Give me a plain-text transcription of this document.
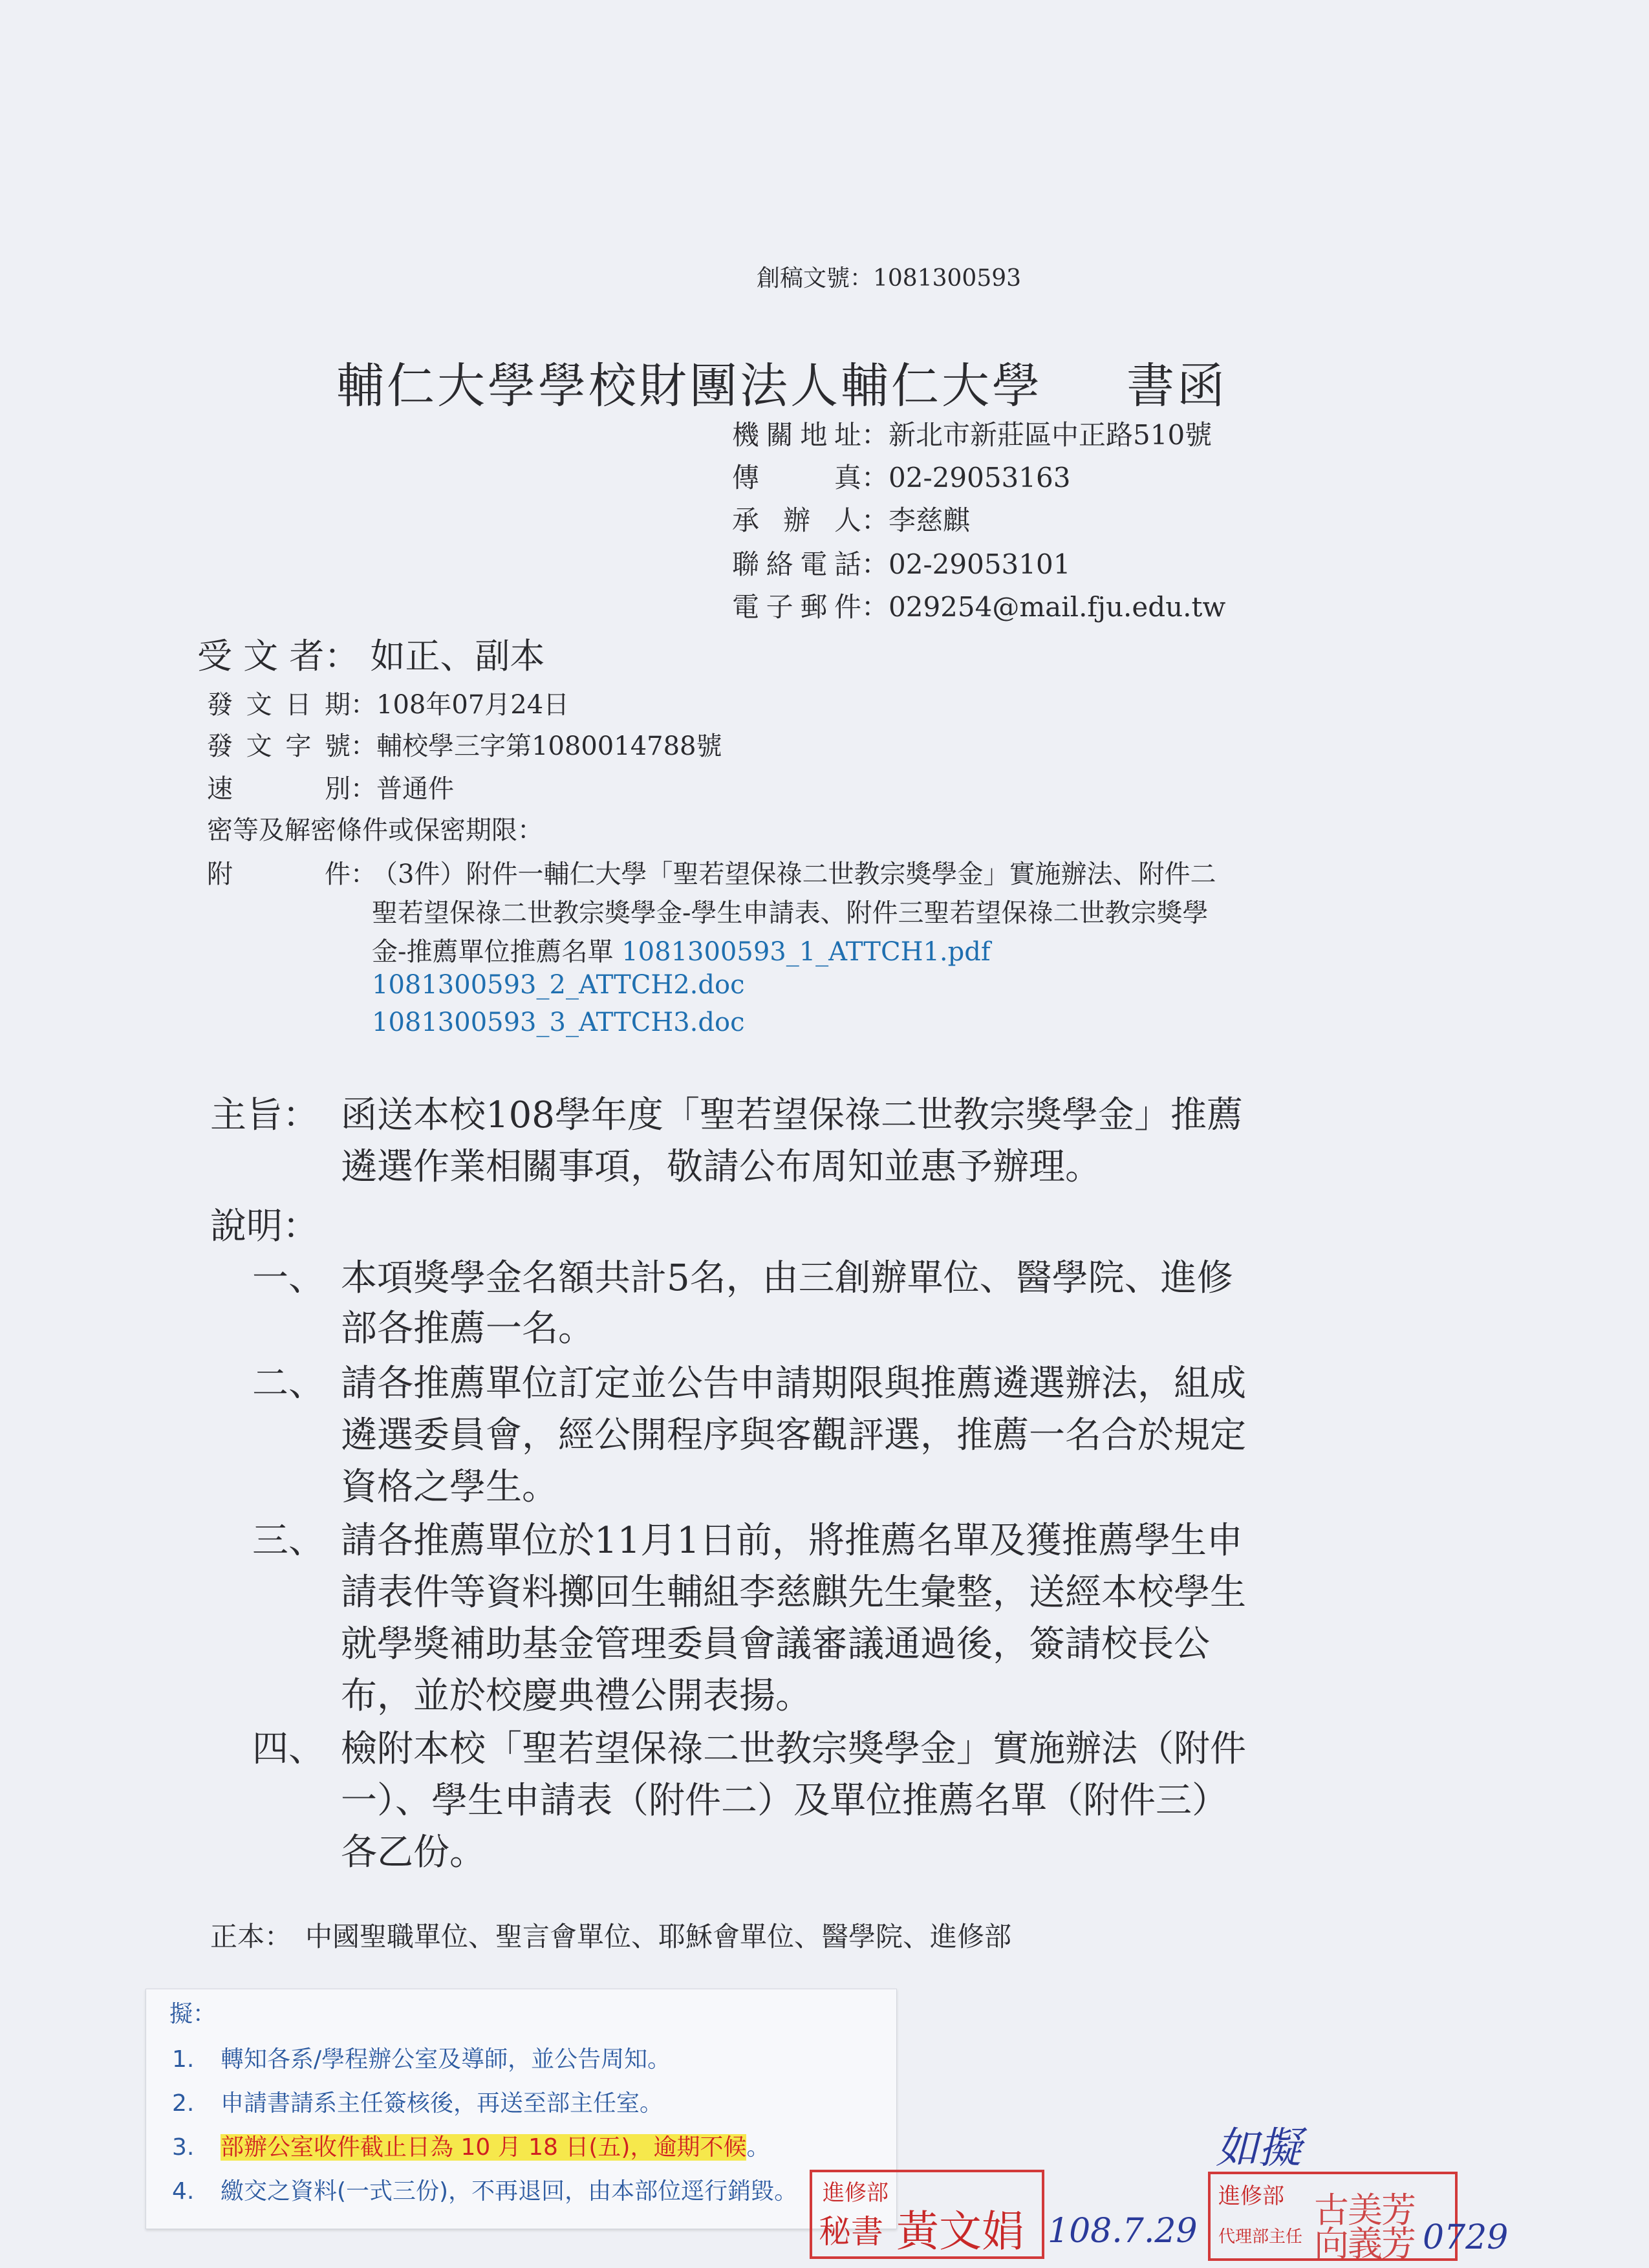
創稿文號：1081300593
輔仁大學學校財團法人輔仁大學 書函
機關地址：新北市新莊區中正路510號
傳真：02-29053163
承辦人：李慈麒
聯絡電話：02-29053101
電子郵件：029254@mail.fju.edu.tw
受 文 者： 如正、副本
發文日期：108年07月24日
發文字號：輔校學三字第1080014788號
速別：普通件
密等及解密條件或保密期限：
附件：
（3件）附件一輔仁大學「聖若望保祿二世教宗獎學金」實施辦法、附件二
聖若望保祿二世教宗獎學金-學生申請表、附件三聖若望保祿二世教宗獎學
金-推薦單位推薦名單 1081300593_1_ATTCH1.pdf
1081300593_2_ATTCH2.doc
1081300593_3_ATTCH3.doc
主旨： 函送本校108學年度「聖若望保祿二世教宗獎學金」推薦
遴選作業相關事項，敬請公布周知並惠予辦理。
說明：
一、 本項獎學金名額共計5名，由三創辦單位、醫學院、進修
部各推薦一名。
二、 請各推薦單位訂定並公告申請期限與推薦遴選辦法，組成
遴選委員會，經公開程序與客觀評選，推薦一名合於規定
資格之學生。
三、 請各推薦單位於11月1日前，將推薦名單及獲推薦學生申
請表件等資料擲回生輔組李慈麒先生彙整，送經本校學生
就學獎補助基金管理委員會議審議通過後，簽請校長公
布，並於校慶典禮公開表揚。
四、 檢附本校「聖若望保祿二世教宗獎學金」實施辦法（附件
一）、學生申請表（附件二）及單位推薦名單（附件三）
各乙份。
正本：　 中國聖職單位、聖言會單位、耶穌會單位、醫學院、進修部
擬：
1. 轉知各系/學程辦公室及導師，並公告周知。
2. 申請書請系主任簽核後，再送至部主任室。
3. 部辦公室收件截止日為 10 月 18 日(五)，逾期不候。
4. 繳交之資料(一式三份)，不再退回，由本部位逕行銷毀。 進修部
秘書 黃文娟
進修部
代理部主任
古美芳 向義芳
108.7.29
如擬
0729
